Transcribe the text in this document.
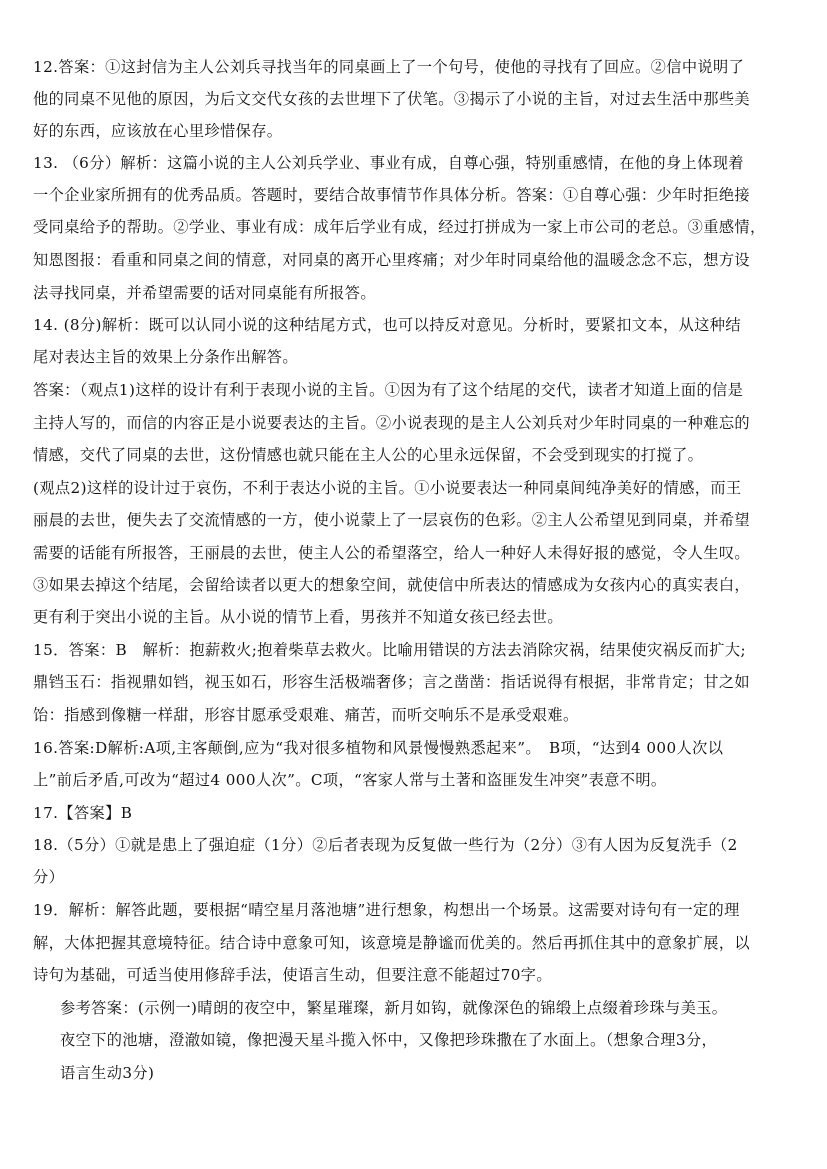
12.答案：①这封信为主人公刘兵寻找当年的同桌画上了一个句号，使他的寻找有了回应。②信中说明了
他的同桌不见他的原因，为后文交代女孩的去世埋下了伏笔。③揭示了小说的主旨，对过去生活中那些美
好的东西，应该放在心里珍惜保存。
13. （6分）解析：这篇小说的主人公刘兵学业、事业有成，自尊心强，特别重感情，在他的身上体现着
一个企业家所拥有的优秀品质。答题时，要结合故事情节作具体分析。答案：①自尊心强：少年时拒绝接
受同桌给予的帮助。②学业、事业有成：成年后学业有成，经过打拼成为一家上市公司的老总。③重感情，
知恩图报：看重和同桌之间的情意，对同桌的离开心里疼痛；对少年时同桌给他的温暖念念不忘，想方设
法寻找同桌，并希望需要的话对同桌能有所报答。
14. (8分)解析：既可以认同小说的这种结尾方式，也可以持反对意见。分析时，要紧扣文本，从这种结
尾对表达主旨的效果上分条作出解答。
答案：（观点1)这样的设计有利于表现小说的主旨。①因为有了这个结尾的交代，读者才知道上面的信是
主持人写的，而信的内容正是小说要表达的主旨。②小说表现的是主人公刘兵对少年时同桌的一种难忘的
情感，交代了同桌的去世，这份情感也就只能在主人公的心里永远保留，不会受到现实的打搅了。
(观点2)这样的设计过于哀伤，不利于表达小说的主旨。①小说要表达一种同桌间纯净美好的情感，而王
丽晨的去世，便失去了交流情感的一方，使小说蒙上了一层哀伤的色彩。②主人公希望见到同桌，并希望
需要的话能有所报答，王丽晨的去世，使主人公的希望落空，给人一种好人未得好报的感觉，令人生叹。
③如果去掉这个结尾，会留给读者以更大的想象空间，就使信中所表达的情感成为女孩内心的真实表白，
更有利于突出小说的主旨。从小说的情节上看，男孩并不知道女孩已经去世。
15．答案：B　解析：抱薪救火;抱着柴草去救火。比喻用错误的方法去消除灾祸，结果使灾祸反而扩大;
鼎铛玉石：指视鼎如铛，视玉如石，形容生活极端奢侈；言之凿凿：指话说得有根据，非常肯定；甘之如
饴：指感到像糖一样甜，形容甘愿承受艰难、痛苦，而听交响乐不是承受艰难。
16.答案:D解析:A项,主客颠倒,应为“我对很多植物和风景慢慢熟悉起来”。　B项，“达到4 000人次以
上”前后矛盾,可改为“超过4 000人次”。C项，“客家人常与土著和盗匪发生冲突”表意不明。
17.【答案】B
18.（5分）①就是患上了强迫症（1分）②后者表现为反复做一些行为（2分）③有人因为反复洗手（2
分）
19．解析：解答此题，要根据“晴空星月落池塘”进行想象，构想出一个场景。这需要对诗句有一定的理
解，大体把握其意境特征。结合诗中意象可知，该意境是静谧而优美的。然后再抓住其中的意象扩展，以
诗句为基础，可适当使用修辞手法，使语言生动，但要注意不能超过70字。
参考答案：(示例一)晴朗的夜空中，繁星璀璨，新月如钩，就像深色的锦缎上点缀着珍珠与美玉。
夜空下的池塘，澄澈如镜，像把漫天星斗揽入怀中，又像把珍珠撒在了水面上。（想象合理3分，
语言生动3分)
